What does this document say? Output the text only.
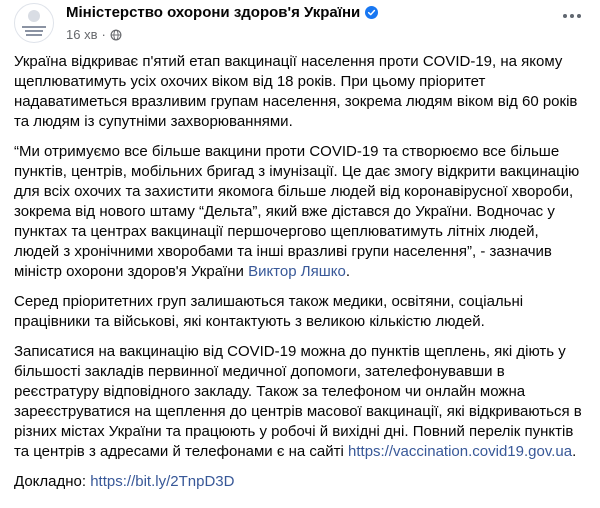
Міністерство охорони здоров'я України
16 хв ·

Україна відкриває п'ятий етап вакцинації населення проти COVID-19, на якому щеплюватимуть усіх охочих віком від 18 років. При цьому пріоритет надаватиметься вразливим групам населення, зокрема людям віком від 60 років та людям із супутніми захворюваннями.

“Ми отримуємо все більше вакцини проти COVID-19 та створюємо все більше пунктів, центрів, мобільних бригад з імунізації. Це дає змогу відкрити вакцинацію для всіх охочих та захистити якомога більше людей від коронавірусної хвороби, зокрема від нового штаму “Дельта”, який вже дістався до України. Водночас у пунктах та центрах вакцинації першочергово щеплюватимуть літніх людей, людей з хронічними хворобами та інші вразливі групи населення”, - зазначив міністр охорони здоров'я України Виктор Ляшко.

Серед пріоритетних груп залишаються також медики, освітяни, соціальні працівники та військові, які контактують з великою кількістю людей.

Записатися на вакцинацію від COVID-19 можна до пунктів щеплень, які діють у більшості закладів первинної медичної допомоги, зателефонувавши в реєстратуру відповідного закладу. Також за телефоном чи онлайн можна зареєструватися на щеплення до центрів масової вакцинації, які відкриваються в різних містах України та працюють у робочі й вихідні дні. Повний перелік пунктів та центрів з адресами й телефонами є на сайті https://vaccination.covid19.gov.ua.

Докладно: https://bit.ly/2TnpD3D
